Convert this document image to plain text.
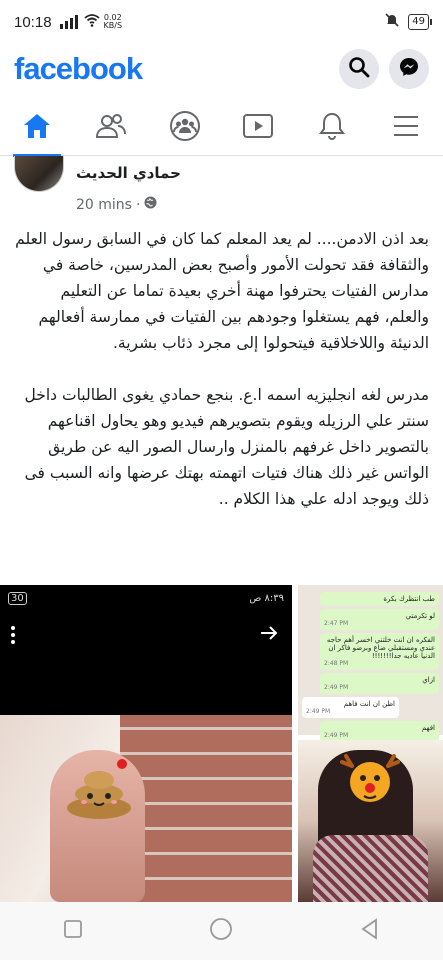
10:18	0.02
KB/S	49
facebook
حمادي الحديث
20 mins ·

بعد اذن الادمن.... لم يعد المعلم كما كان في السابق رسول العلم والثقافة فقد تحولت الأمور وأصبح بعض المدرسين، خاصة في مدارس الفتيات يحترفوا مهنة أخري بعيدة تماما عن التعليم والعلم، فهم يستغلوا وجودهم بين الفتيات في ممارسة أفعالهم الدنيئة واللاخلاقية فيتحولوا إلى مجرد ذئاب بشرية.

مدرس لغه انجليزيه اسمه ا.ع. بنجع حمادي يغوى الطالبات داخل سنتر علي الرزيله ويقوم بتصويرهم فيديو وهو يحاول اقناعهم بالتصوير داخل غرفهم بالمنزل وارسال الصور اليه عن طريق الواتس غير ذلك هناك فتيات اتهمته بهتك عرضها وانه السبب فى ذلك ويوجد ادله علي هذا الكلام ..

30	٨:٣٩ ص	طب انتظرك بكرة
لو تكرمتي
2:47 PM
الفكره ان انت خلتني اخسر أهم حاجه عندي ومستقبلي ضاع وبرضو فاكر ان الدنيا عاديه جدا!!!!!!!
2:48 PM
ازاي
2:49 PM
اظن ان انت فاهم
2:49 PM
افهم
2:49 PM
